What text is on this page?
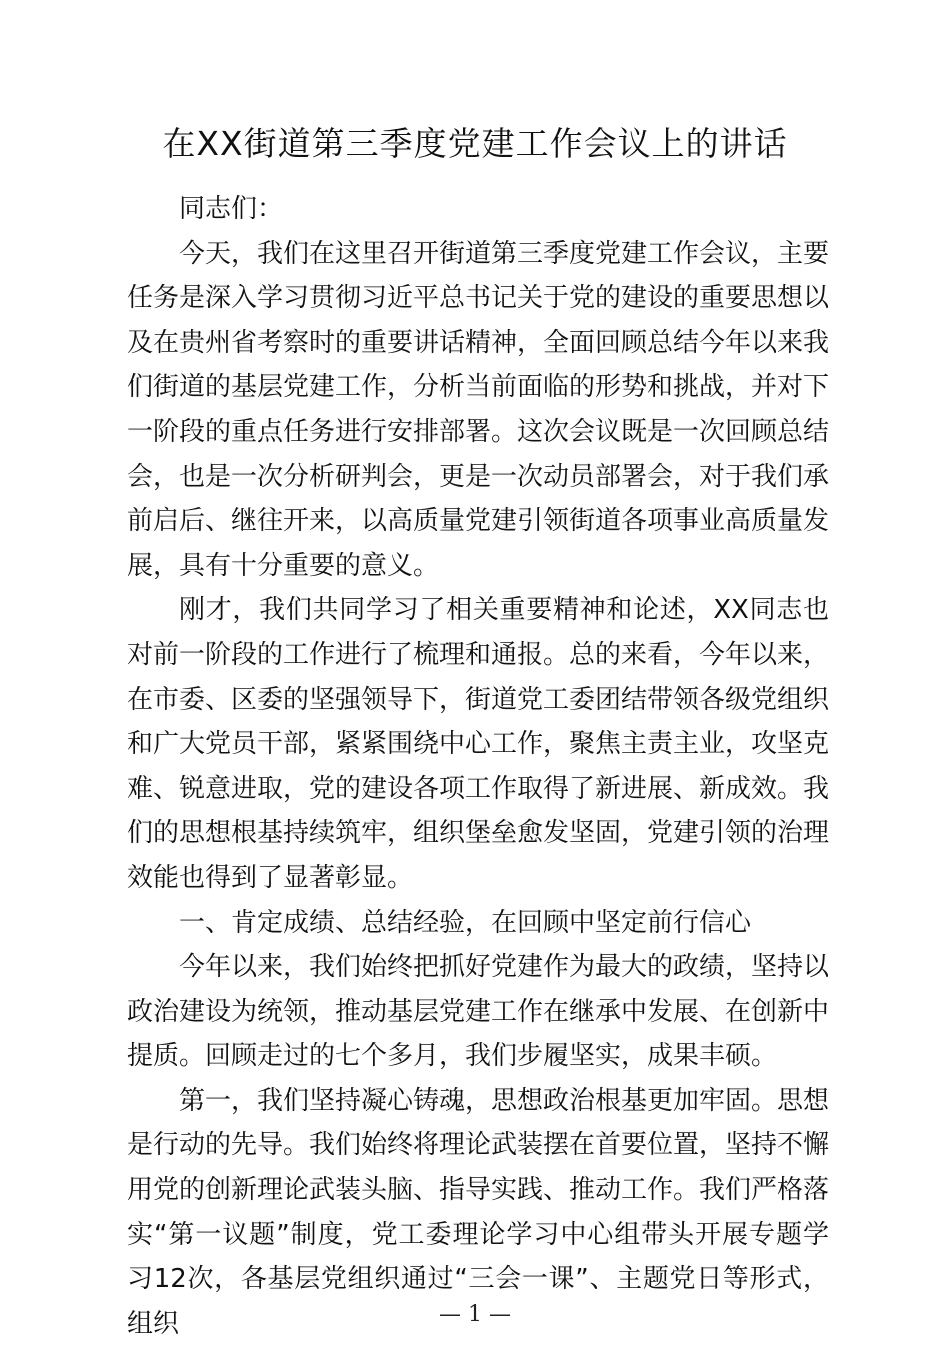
在XX街道第三季度党建工作会议上的讲话

同志们：

今天，我们在这里召开街道第三季度党建工作会议，主要任务是深入学习贯彻习近平总书记关于党的建设的重要思想以及在贵州省考察时的重要讲话精神，全面回顾总结今年以来我们街道的基层党建工作，分析当前面临的形势和挑战，并对下一阶段的重点任务进行安排部署。这次会议既是一次回顾总结会，也是一次分析研判会，更是一次动员部署会，对于我们承前启后、继往开来，以高质量党建引领街道各项事业高质量发展，具有十分重要的意义。

刚才，我们共同学习了相关重要精神和论述，XX同志也对前一阶段的工作进行了梳理和通报。总的来看，今年以来，在市委、区委的坚强领导下，街道党工委团结带领各级党组织和广大党员干部，紧紧围绕中心工作，聚焦主责主业，攻坚克难、锐意进取，党的建设各项工作取得了新进展、新成效。我们的思想根基持续筑牢，组织堡垒愈发坚固，党建引领的治理效能也得到了显著彰显。

一、肯定成绩、总结经验，在回顾中坚定前行信心

今年以来，我们始终把抓好党建作为最大的政绩，坚持以政治建设为统领，推动基层党建工作在继承中发展、在创新中提质。回顾走过的七个多月，我们步履坚实，成果丰硕。

第一，我们坚持凝心铸魂，思想政治根基更加牢固。思想是行动的先导。我们始终将理论武装摆在首要位置，坚持不懈用党的创新理论武装头脑、指导实践、推动工作。我们严格落实“第一议题”制度，党工委理论学习中心组带头开展专题学习12次，各基层党组织通过“三会一课”、主题党日等形式，组织	— 1 —
